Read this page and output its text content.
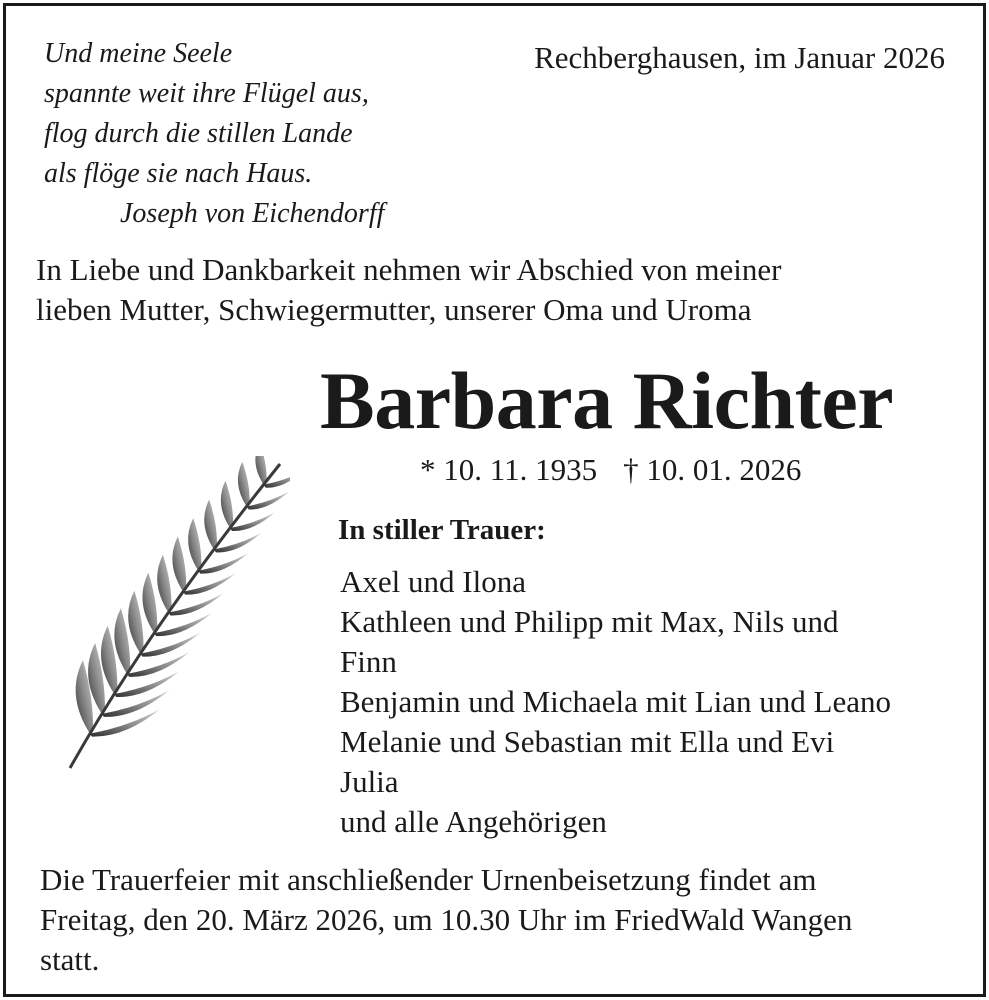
Und meine Seele
spannte weit ihre Flügel aus,
flog durch die stillen Lande
als flöge sie nach Haus.
Joseph von Eichendorff
Rechberghausen, im Januar 2026
In Liebe und Dankbarkeit nehmen wir Abschied von meiner
lieben Mutter, Schwiegermutter, unserer Oma und Uroma
Barbara Richter
* 10. 11. 1935 † 10. 01. 2026
In stiller Trauer:
Axel und Ilona
Kathleen und Philipp mit Max, Nils und
Finn
Benjamin und Michaela mit Lian und Leano
Melanie und Sebastian mit Ella und Evi
Julia
und alle Angehörigen
Die Trauerfeier mit anschließender Urnenbeisetzung findet am
Freitag, den 20. März 2026, um 10.30 Uhr im FriedWald Wangen
statt.
